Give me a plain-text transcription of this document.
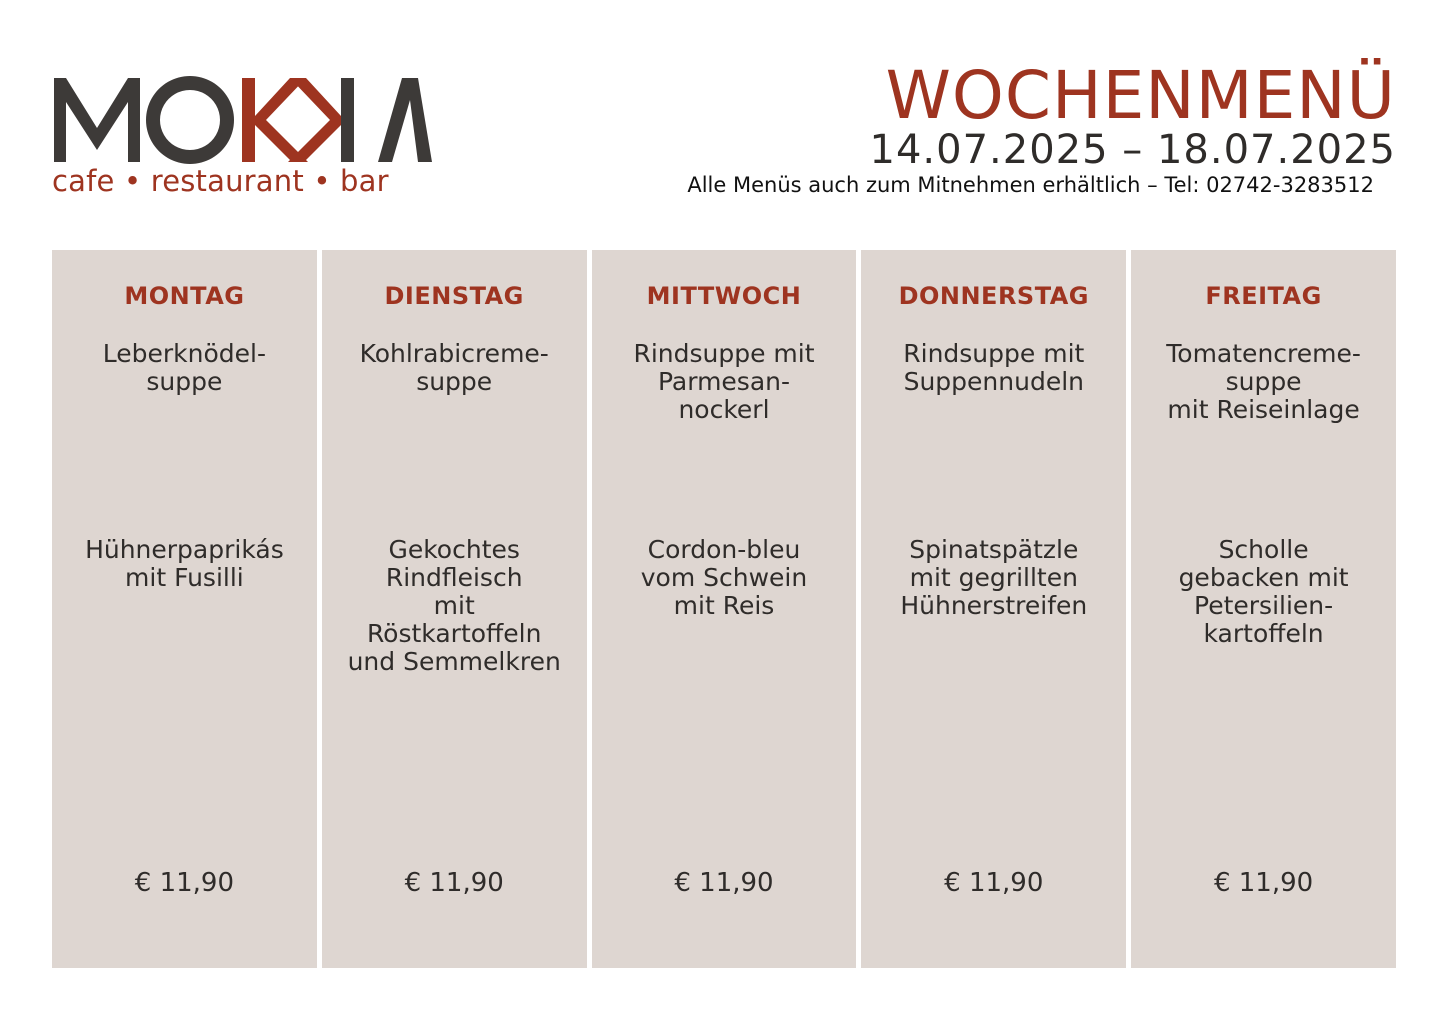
cafe • restaurant • bar
WOCHENMENÜ
14.07.2025 – 18.07.2025
Alle Menüs auch zum Mitnehmen erhältlich – Tel: 02742-3283512
MONTAG
Leberknödel-
suppe
Hühnerpaprikás
mit Fusilli
€ 11,90
DIENSTAG
Kohlrabicreme-
suppe
Gekochtes
Rindfleisch
mit
Röstkartoffeln
und Semmelkren
€ 11,90
MITTWOCH
Rindsuppe mit
Parmesan-
nockerl
Cordon-bleu
vom Schwein
mit Reis
€ 11,90
DONNERSTAG
Rindsuppe mit
Suppennudeln
Spinatspätzle
mit gegrillten
Hühnerstreifen
€ 11,90
FREITAG
Tomatencreme-
suppe
mit Reiseinlage
Scholle
gebacken mit
Petersilien-
kartoffeln
€ 11,90
